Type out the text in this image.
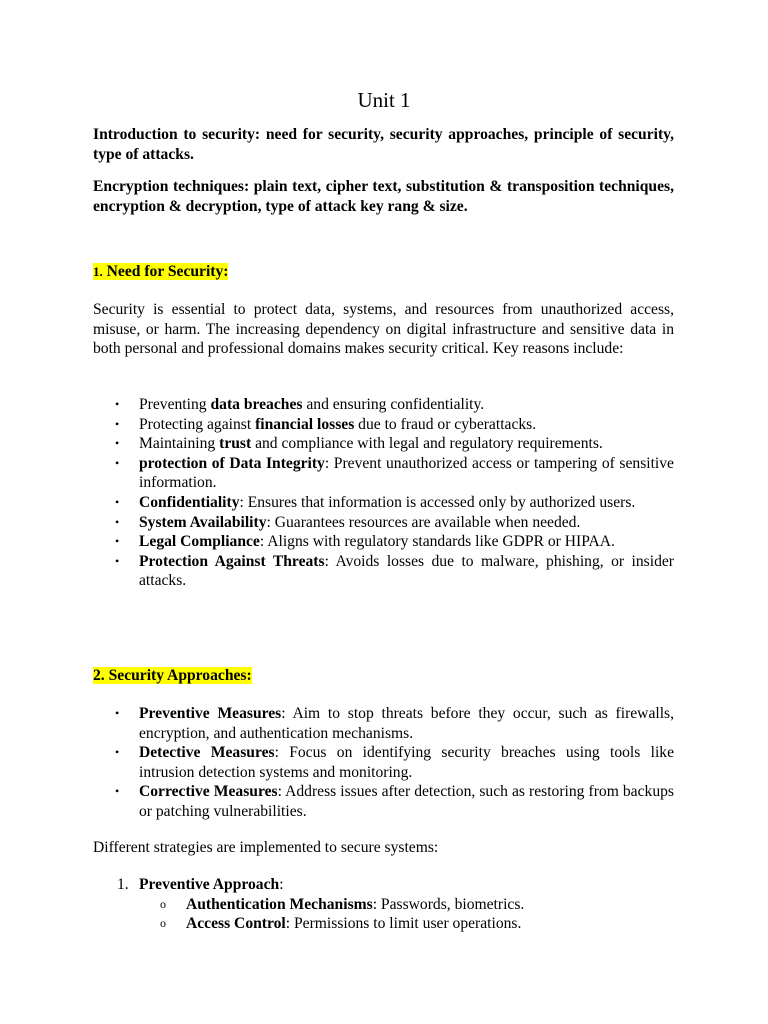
Unit 1

Introduction to security: need for security, security approaches, principle of security, type of attacks.

Encryption techniques: plain text, cipher text, substitution & transposition techniques, encryption & decryption, type of attack key rang & size.

1. Need for Security:

Security is essential to protect data, systems, and resources from unauthorized access, misuse, or harm. The increasing dependency on digital infrastructure and sensitive data in both personal and professional domains makes security critical. Key reasons include:

• Preventing data breaches and ensuring confidentiality.
• Protecting against financial losses due to fraud or cyberattacks.
• Maintaining trust and compliance with legal and regulatory requirements.
• protection of Data Integrity: Prevent unauthorized access or tampering of sensitive information.
• Confidentiality: Ensures that information is accessed only by authorized users.
• System Availability: Guarantees resources are available when needed.
• Legal Compliance: Aligns with regulatory standards like GDPR or HIPAA.
• Protection Against Threats: Avoids losses due to malware, phishing, or insider attacks.
2. Security Approaches:
• Preventive Measures: Aim to stop threats before they occur, such as firewalls, encryption, and authentication mechanisms.
• Detective Measures: Focus on identifying security breaches using tools like intrusion detection systems and monitoring.
• Corrective Measures: Address issues after detection, such as restoring from backups or patching vulnerabilities.

Different strategies are implemented to secure systems:

1. Preventive Approach:
o Authentication Mechanisms: Passwords, biometrics.
o Access Control: Permissions to limit user operations.
